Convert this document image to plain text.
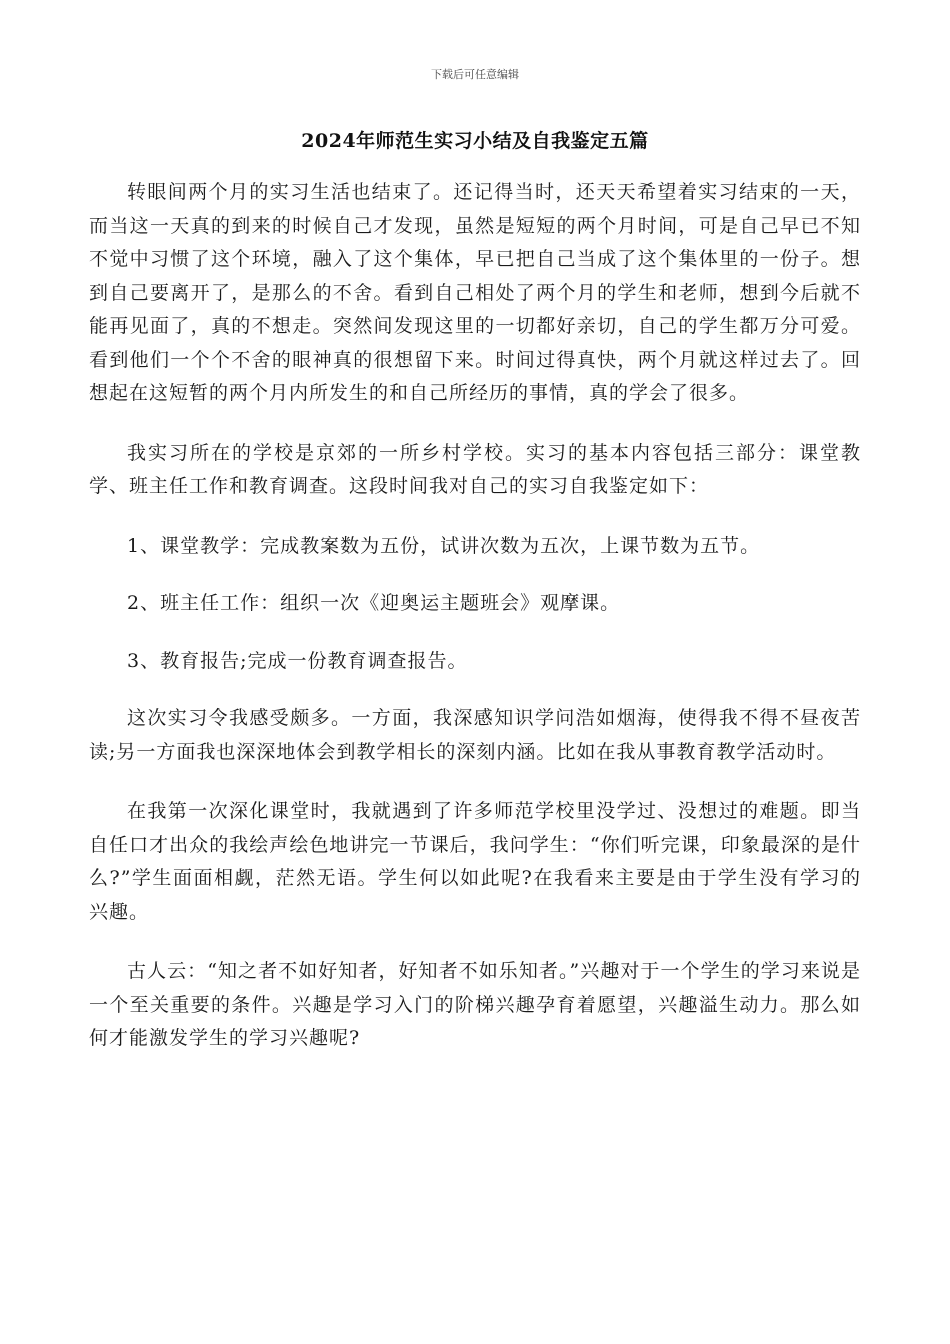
下载后可任意编辑
2024年师范生实习小结及自我鉴定五篇

转眼间两个月的实习生活也结束了。还记得当时，还天天希望着实习结束的一天，而当这一天真的到来的时候自己才发现，虽然是短短的两个月时间，可是自己早已不知不觉中习惯了这个环境，融入了这个集体，早已把自己当成了这个集体里的一份子。想到自己要离开了，是那么的不舍。看到自己相处了两个月的学生和老师，想到今后就不能再见面了，真的不想走。突然间发现这里的一切都好亲切，自己的学生都万分可爱。看到他们一个个不舍的眼神真的很想留下来。时间过得真快，两个月就这样过去了。回想起在这短暂的两个月内所发生的和自己所经历的事情，真的学会了很多。

我实习所在的学校是京郊的一所乡村学校。实习的基本内容包括三部分：课堂教学、班主任工作和教育调查。这段时间我对自己的实习自我鉴定如下：

1、课堂教学：完成教案数为五份，试讲次数为五次，上课节数为五节。

2、班主任工作：组织一次《迎奥运主题班会》观摩课。

3、教育报告;完成一份教育调查报告。

这次实习令我感受颇多。一方面，我深感知识学问浩如烟海，使得我不得不昼夜苦读;另一方面我也深深地体会到教学相长的深刻内涵。比如在我从事教育教学活动时。

在我第一次深化课堂时，我就遇到了许多师范学校里没学过、没想过的难题。即当自任口才出众的我绘声绘色地讲完一节课后，我问学生：“你们听完课，印象最深的是什么?”学生面面相觑，茫然无语。学生何以如此呢?在我看来主要是由于学生没有学习的兴趣。

古人云：“知之者不如好知者，好知者不如乐知者。”兴趣对于一个学生的学习来说是一个至关重要的条件。兴趣是学习入门的阶梯兴趣孕育着愿望，兴趣溢生动力。那么如何才能激发学生的学习兴趣呢?
